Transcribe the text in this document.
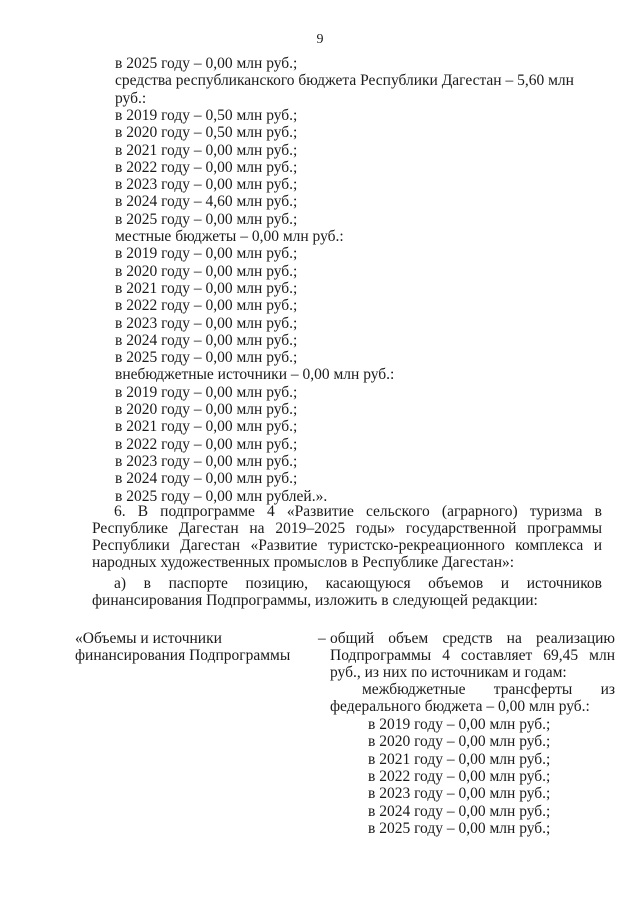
9
в 2025 году – 0,00 млн руб.;
средства республиканского бюджета Республики Дагестан – 5,60 млн
руб.:
в 2019 году – 0,50 млн руб.;
в 2020 году – 0,50 млн руб.;
в 2021 году – 0,00 млн руб.;
в 2022 году – 0,00 млн руб.;
в 2023 году – 0,00 млн руб.;
в 2024 году – 4,60 млн руб.;
в 2025 году – 0,00 млн руб.;
местные бюджеты – 0,00 млн руб.:
в 2019 году – 0,00 млн руб.;
в 2020 году – 0,00 млн руб.;
в 2021 году – 0,00 млн руб.;
в 2022 году – 0,00 млн руб.;
в 2023 году – 0,00 млн руб.;
в 2024 году – 0,00 млн руб.;
в 2025 году – 0,00 млн руб.;
внебюджетные источники – 0,00 млн руб.:
в 2019 году – 0,00 млн руб.;
в 2020 году – 0,00 млн руб.;
в 2021 году – 0,00 млн руб.;
в 2022 году – 0,00 млн руб.;
в 2023 году – 0,00 млн руб.;
в 2024 году – 0,00 млн руб.;
в 2025 году – 0,00 млн рублей.».
6. В подпрограмме 4 «Развитие сельского (аграрного) туризма в Республике Дагестан на 2019–2025 годы» государственной программы Республики Дагестан «Развитие туристско-рекреационного комплекса и народных художественных промыслов в Республике Дагестан»:
а) в паспорте позицию, касающуюся объемов и источников финансирования Подпрограммы, изложить в следующей редакции:
«Объемы и источники финансирования Подпрограммы
– общий объем средств на реализацию Подпрограммы 4 составляет 69,45 млн руб., из них по источникам и годам:
межбюджетные трансферты из федерального бюджета – 0,00 млн руб.:
в 2019 году – 0,00 млн руб.;
в 2020 году – 0,00 млн руб.;
в 2021 году – 0,00 млн руб.;
в 2022 году – 0,00 млн руб.;
в 2023 году – 0,00 млн руб.;
в 2024 году – 0,00 млн руб.;
в 2025 году – 0,00 млн руб.;
